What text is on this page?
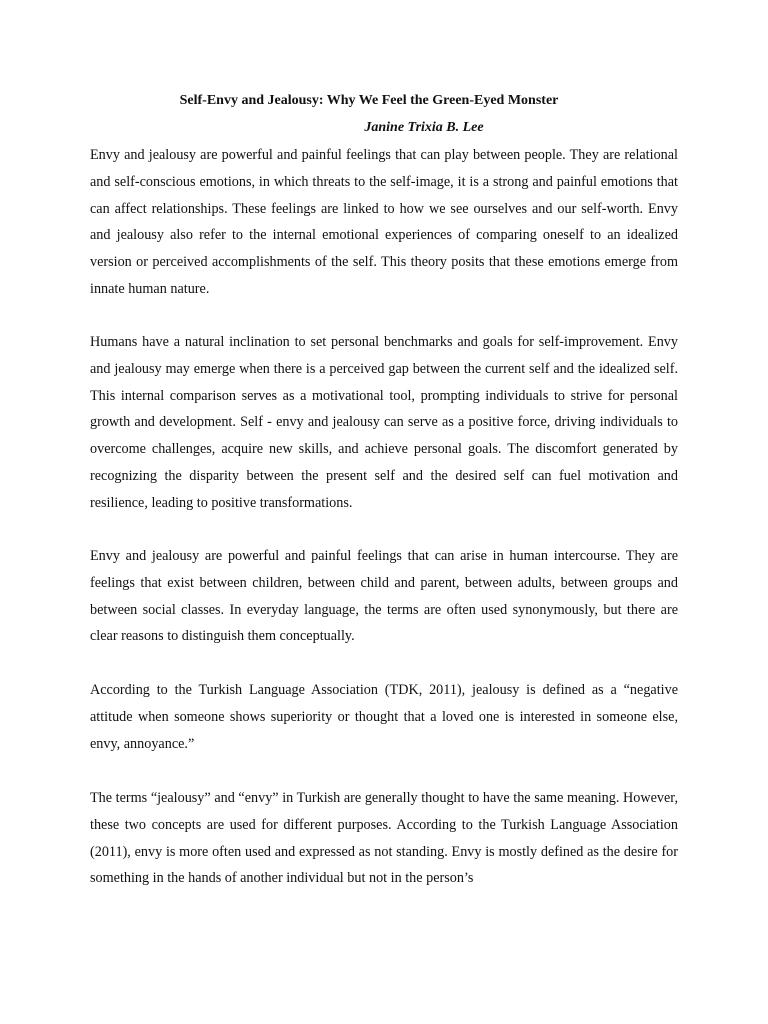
Self-Envy and Jealousy: Why We Feel the Green-Eyed Monster
Janine Trixia B. Lee

Envy and jealousy are powerful and painful feelings that can play between people. They are relational and self-conscious emotions, in which threats to the self-image, it is a strong and painful emotions that can affect relationships. These feelings are linked to how we see ourselves and our self-worth. Envy and jealousy also refer to the internal emotional experiences of comparing oneself to an idealized version or perceived accomplishments of the self. This theory posits that these emotions emerge from innate human nature.

Humans have a natural inclination to set personal benchmarks and goals for self-improvement. Envy and jealousy may emerge when there is a perceived gap between the current self and the idealized self. This internal comparison serves as a motivational tool, prompting individuals to strive for personal growth and development. Self - envy and jealousy can serve as a positive force, driving individuals to overcome challenges, acquire new skills, and achieve personal goals. The discomfort generated by recognizing the disparity between the present self and the desired self can fuel motivation and resilience, leading to positive transformations.

Envy and jealousy are powerful and painful feelings that can arise in human intercourse. They are feelings that exist between children, between child and parent, between adults, between groups and between social classes. In everyday language, the terms are often used synonymously, but there are clear reasons to distinguish them conceptually.

According to the Turkish Language Association (TDK, 2011), jealousy is defined as a “negative attitude when someone shows superiority or thought that a loved one is interested in someone else, envy, annoyance.”

The terms “jealousy” and “envy” in Turkish are generally thought to have the same meaning. However, these two concepts are used for different purposes. According to the Turkish Language Association (2011), envy is more often used and expressed as not standing. Envy is mostly defined as the desire for something in the hands of another individual but not in the person’s
